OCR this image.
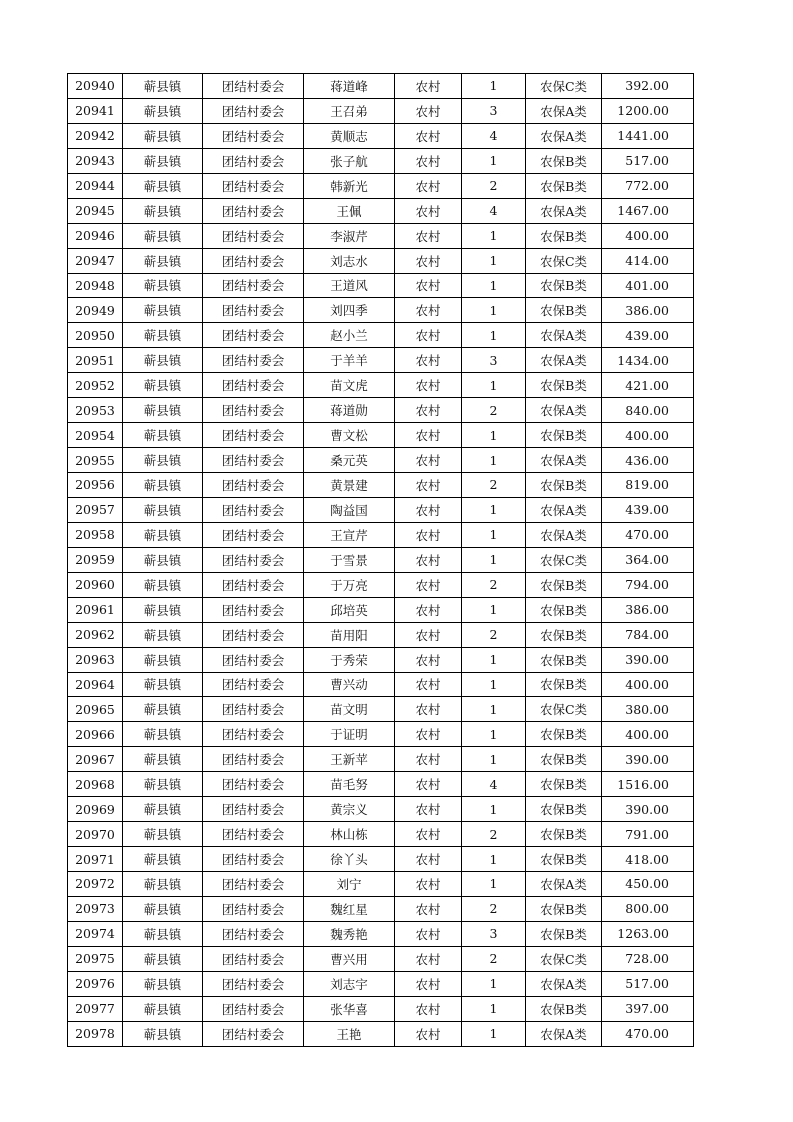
20940	蕲县镇	团结村委会	蒋道峰	农村	1	农保C类	392.00
20941	蕲县镇	团结村委会	王召弟	农村	3	农保A类	1200.00
20942	蕲县镇	团结村委会	黄顺志	农村	4	农保A类	1441.00
20943	蕲县镇	团结村委会	张子航	农村	1	农保B类	517.00
20944	蕲县镇	团结村委会	韩新光	农村	2	农保B类	772.00
20945	蕲县镇	团结村委会	王佩	农村	4	农保A类	1467.00
20946	蕲县镇	团结村委会	李淑芹	农村	1	农保B类	400.00
20947	蕲县镇	团结村委会	刘志水	农村	1	农保C类	414.00
20948	蕲县镇	团结村委会	王道风	农村	1	农保B类	401.00
20949	蕲县镇	团结村委会	刘四季	农村	1	农保B类	386.00
20950	蕲县镇	团结村委会	赵小兰	农村	1	农保A类	439.00
20951	蕲县镇	团结村委会	于羊羊	农村	3	农保A类	1434.00
20952	蕲县镇	团结村委会	苗文虎	农村	1	农保B类	421.00
20953	蕲县镇	团结村委会	蒋道勋	农村	2	农保A类	840.00
20954	蕲县镇	团结村委会	曹文松	农村	1	农保B类	400.00
20955	蕲县镇	团结村委会	桑元英	农村	1	农保A类	436.00
20956	蕲县镇	团结村委会	黄景建	农村	2	农保B类	819.00
20957	蕲县镇	团结村委会	陶益国	农村	1	农保A类	439.00
20958	蕲县镇	团结村委会	王宣芹	农村	1	农保A类	470.00
20959	蕲县镇	团结村委会	于雪景	农村	1	农保C类	364.00
20960	蕲县镇	团结村委会	于万亮	农村	2	农保B类	794.00
20961	蕲县镇	团结村委会	邱培英	农村	1	农保B类	386.00
20962	蕲县镇	团结村委会	苗用阳	农村	2	农保B类	784.00
20963	蕲县镇	团结村委会	于秀荣	农村	1	农保B类	390.00
20964	蕲县镇	团结村委会	曹兴动	农村	1	农保B类	400.00
20965	蕲县镇	团结村委会	苗文明	农村	1	农保C类	380.00
20966	蕲县镇	团结村委会	于证明	农村	1	农保B类	400.00
20967	蕲县镇	团结村委会	王新苹	农村	1	农保B类	390.00
20968	蕲县镇	团结村委会	苗毛努	农村	4	农保B类	1516.00
20969	蕲县镇	团结村委会	黄宗义	农村	1	农保B类	390.00
20970	蕲县镇	团结村委会	林山栋	农村	2	农保B类	791.00
20971	蕲县镇	团结村委会	徐丫头	农村	1	农保B类	418.00
20972	蕲县镇	团结村委会	刘宁	农村	1	农保A类	450.00
20973	蕲县镇	团结村委会	魏红星	农村	2	农保B类	800.00
20974	蕲县镇	团结村委会	魏秀艳	农村	3	农保B类	1263.00
20975	蕲县镇	团结村委会	曹兴用	农村	2	农保C类	728.00
20976	蕲县镇	团结村委会	刘志宇	农村	1	农保A类	517.00
20977	蕲县镇	团结村委会	张华喜	农村	1	农保B类	397.00
20978	蕲县镇	团结村委会	王艳	农村	1	农保A类	470.00
